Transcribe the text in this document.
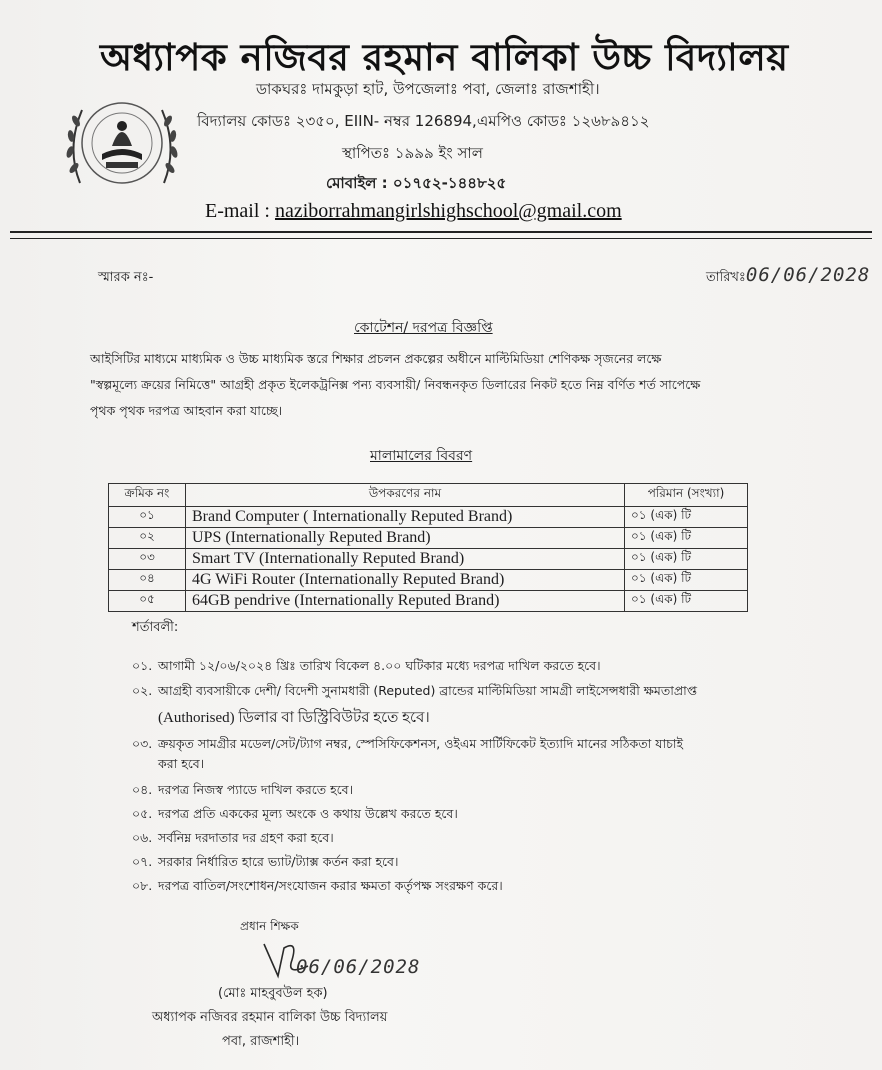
অধ্যাপক নজিবর রহমান বালিকা উচ্চ বিদ্যালয়
ডাকঘরঃ দামকুড়া হাট, উপজেলাঃ পবা, জেলাঃ রাজশাহী।
বিদ্যালয় কোডঃ ২৩৫০, EIIN- নম্বর 126894,এমপিও কোডঃ ১২৬৮৯৪১২
স্থাপিতঃ ১৯৯৯ ইং সাল
মোবাইল : ০১৭৫২-১৪৪৮২৫
E-mail : naziborrahmangirlshighschool@gmail.com
স্মারক নঃ-	তারিখঃ06/06/2028
কোটেশন/ দরপত্র বিজ্ঞপ্তি
আইসিটির মাধ্যমে মাধ্যমিক ও উচ্চ মাধ্যমিক স্তরে শিক্ষার প্রচলন প্রকল্পের অধীনে মাল্টিমিডিয়া শেণিকক্ষ সৃজনের লক্ষে
"স্বল্পমূল্যে ক্রয়ের নিমিত্তে" আগ্রহী প্রকৃত ইলেকট্রনিক্স পন্য ব্যবসায়ী/ নিবন্ধনকৃত ডিলারের নিকট হতে নিম্ন বর্ণিত শর্ত সাপেক্ষে
পৃথক পৃথক দরপত্র আহবান করা যাচ্ছে।
মালামালের বিবরণ
ক্রমিক নং	উপকরণের নাম	পরিমান (সংখ্যা)
০১	Brand Computer ( Internationally Reputed Brand)	০১ (এক) টি
০২	UPS (Internationally Reputed Brand)	০১ (এক) টি
০৩	Smart TV (Internationally Reputed Brand)	০১ (এক) টি
০৪	4G WiFi Router (Internationally Reputed Brand)	০১ (এক) টি
০৫	64GB pendrive (Internationally Reputed Brand)	০১ (এক) টি
শর্তাবলী:
০১. আগামী ১২/০৬/২০২৪ খ্রিঃ তারিখ বিকেল ৪.০০ ঘটিকার মধ্যে দরপত্র দাখিল করতে হবে।
০২. আগ্রহী ব্যবসায়ীকে দেশী/ বিদেশী সুনামধারী (Reputed) ব্রান্ডের মাল্টিমিডিয়া সামগ্রী লাইসেন্সধারী ক্ষমতাপ্রাপ্ত
(Authorised) ডিলার বা ডিস্ট্রিবিউটর হতে হবে।
০৩. ক্রয়কৃত সামগ্রীর মডেল/সেট/ট্যাগ নম্বর, স্পেসিফিকেশনস, ওইএম সার্টিফিকেট ইত্যাদি মানের সঠিকতা যাচাই
করা হবে।
০৪. দরপত্র নিজস্ব প্যাডে দাখিল করতে হবে।
০৫. দরপত্র প্রতি এককের মূল্য অংকে ও কথায় উল্লেখ করতে হবে।
০৬. সর্বনিম্ন দরদাতার দর গ্রহণ করা হবে।
০৭. সরকার নির্ধারিত হারে ভ্যাট/ট্যাক্স কর্তন করা হবে।
০৮. দরপত্র বাতিল/সংশোধন/সংযোজন করার ক্ষমতা কর্তৃপক্ষ সংরক্ষণ করে।
প্রধান শিক্ষক
06/06/2028
(মোঃ মাহবুবউল হক)
অধ্যাপক নজিবর রহমান বালিকা উচ্চ বিদ্যালয়
পবা, রাজশাহী।
